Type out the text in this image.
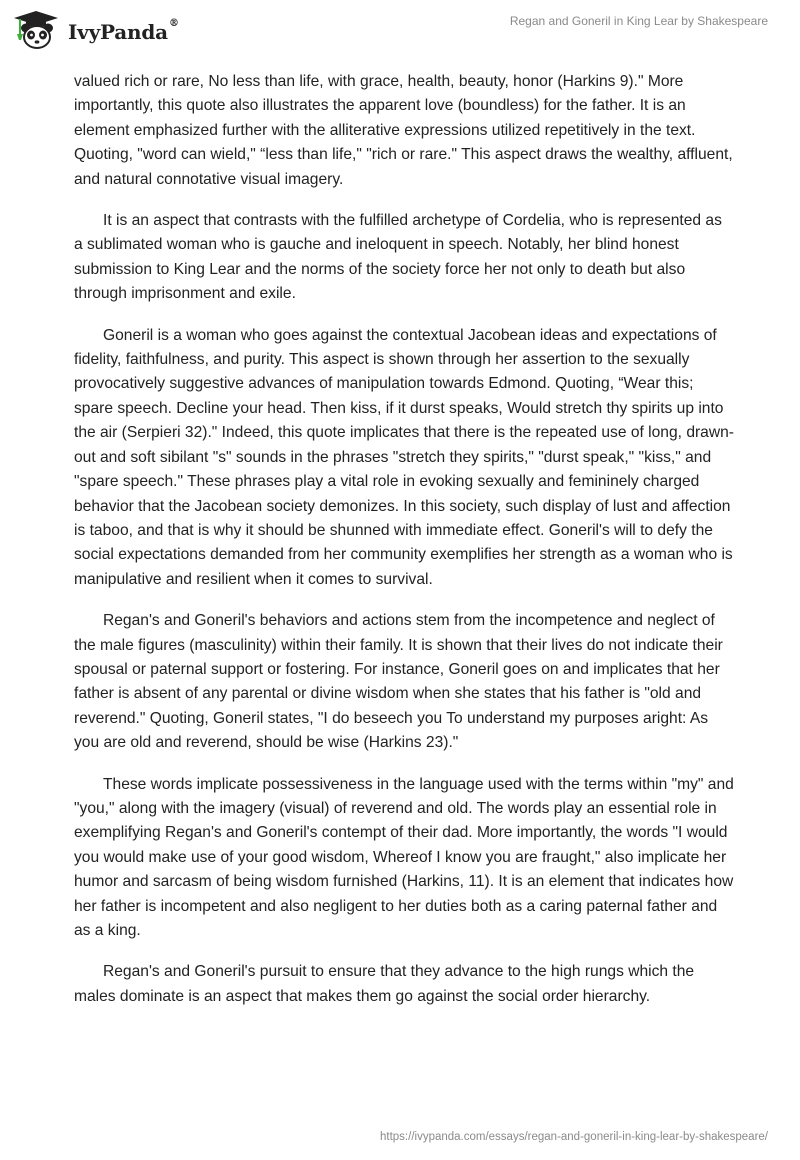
IvyPanda®	Regan and Goneril in King Lear by Shakespeare

valued rich or rare, No less than life, with grace, health, beauty, honor (Harkins 9)." More importantly, this quote also illustrates the apparent love (boundless) for the father. It is an element emphasized further with the alliterative expressions utilized repetitively in the text. Quoting, "word can wield," “less than life," "rich or rare." This aspect draws the wealthy, affluent, and natural connotative visual imagery.

It is an aspect that contrasts with the fulfilled archetype of Cordelia, who is represented as a sublimated woman who is gauche and ineloquent in speech. Notably, her blind honest submission to King Lear and the norms of the society force her not only to death but also through imprisonment and exile.

Goneril is a woman who goes against the contextual Jacobean ideas and expectations of fidelity, faithfulness, and purity. This aspect is shown through her assertion to the sexually provocatively suggestive advances of manipulation towards Edmond. Quoting, “Wear this; spare speech. Decline your head. Then kiss, if it durst speaks, Would stretch thy spirits up into the air (Serpieri 32)." Indeed, this quote implicates that there is the repeated use of long, drawn-out and soft sibilant "s" sounds in the phrases "stretch they spirits," "durst speak," "kiss," and "spare speech." These phrases play a vital role in evoking sexually and femininely charged behavior that the Jacobean society demonizes. In this society, such display of lust and affection is taboo, and that is why it should be shunned with immediate effect. Goneril's will to defy the social expectations demanded from her community exemplifies her strength as a woman who is manipulative and resilient when it comes to survival.

Regan's and Goneril's behaviors and actions stem from the incompetence and neglect of the male figures (masculinity) within their family. It is shown that their lives do not indicate their spousal or paternal support or fostering. For instance, Goneril goes on and implicates that her father is absent of any parental or divine wisdom when she states that his father is "old and reverend." Quoting, Goneril states, "I do beseech you To understand my purposes aright: As you are old and reverend, should be wise (Harkins 23)."

These words implicate possessiveness in the language used with the terms within "my" and "you," along with the imagery (visual) of reverend and old. The words play an essential role in exemplifying Regan's and Goneril's contempt of their dad. More importantly, the words "I would you would make use of your good wisdom, Whereof I know you are fraught," also implicate her humor and sarcasm of being wisdom furnished (Harkins, 11). It is an element that indicates how her father is incompetent and also negligent to her duties both as a caring paternal father and as a king.

Regan's and Goneril's pursuit to ensure that they advance to the high rungs which the males dominate is an aspect that makes them go against the social order hierarchy.

https://ivypanda.com/essays/regan-and-goneril-in-king-lear-by-shakespeare/
